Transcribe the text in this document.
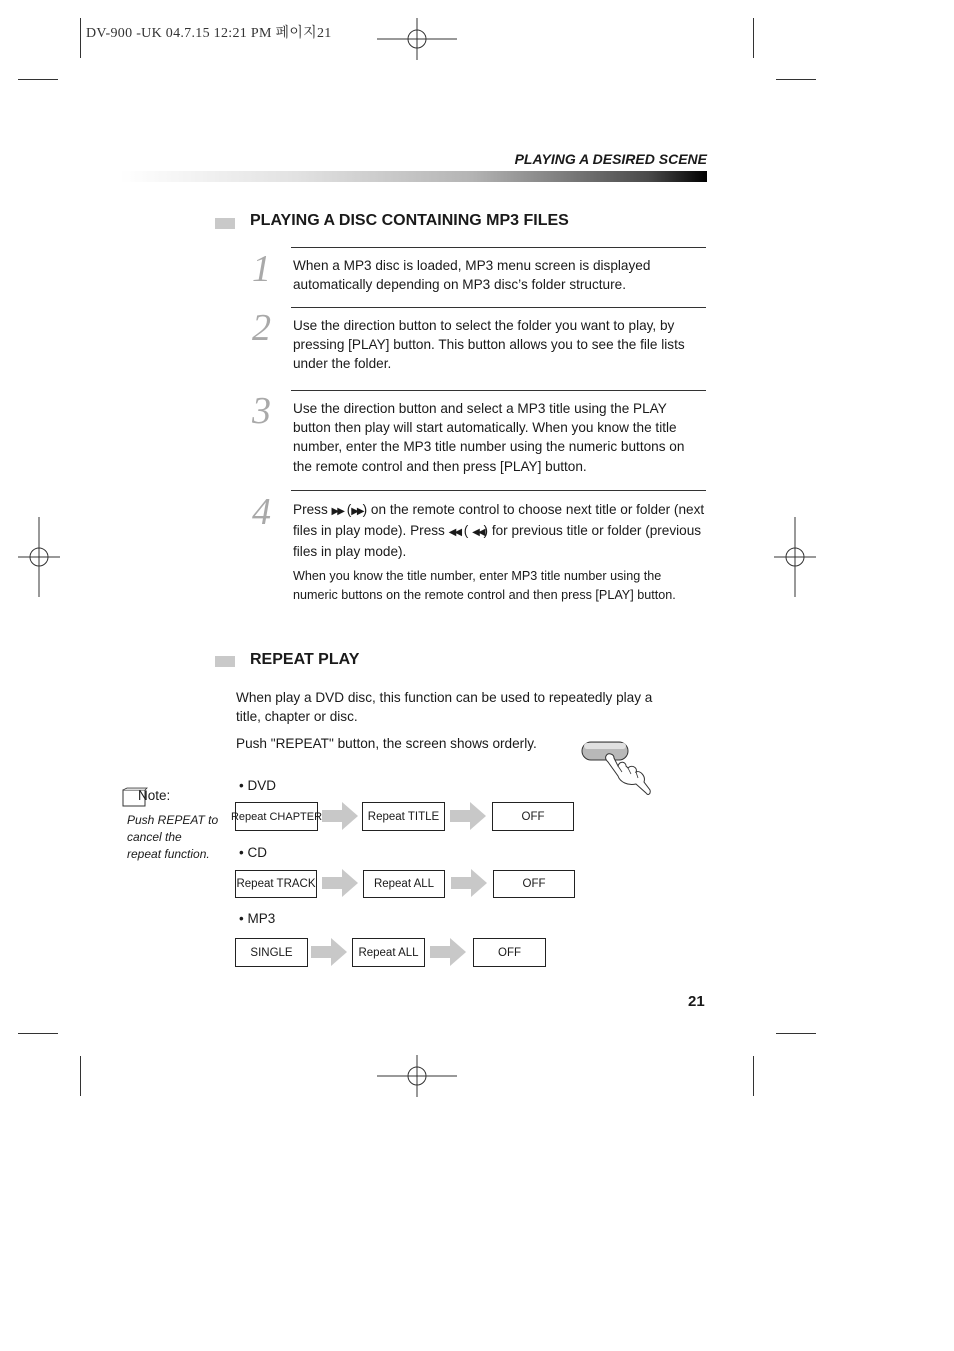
DV-900 -UK 04.7.15 12:21 PM 페이지21
PLAYING A DESIRED SCENE
PLAYING A DISC CONTAINING MP3 FILES
1 When a MP3 disc is loaded, MP3 menu screen is displayed automatically depending on MP3 disc’s folder structure.
2 Use the direction button to select the folder you want to play, by pressing [PLAY] button. This button allows you to see the file lists under the folder.
3 Use the direction button and select a MP3 title using the PLAY button then play will start automatically. When you know the title number, enter the MP3 title number using the numeric buttons on the remote control and then press [PLAY] button.
4 Press ▶▶ (▶▶) on the remote control to choose next title or folder (next files in play mode). Press ◀◀ ( ◀◀) for previous title or folder (previous files in play mode).
When you know the title number, enter MP3 title number using the numeric buttons on the remote control and then press [PLAY] button.
REPEAT PLAY
When play a DVD disc, this function can be used to repeatedly play a title, chapter or disc.
Push "REPEAT" button, the screen shows orderly.
Note:
Push REPEAT to cancel the repeat function.
• DVD
Repeat CHAPTER	Repeat TITLE	OFF
• CD
Repeat TRACK	Repeat ALL	OFF
• MP3
SINGLE	Repeat ALL	OFF
21
